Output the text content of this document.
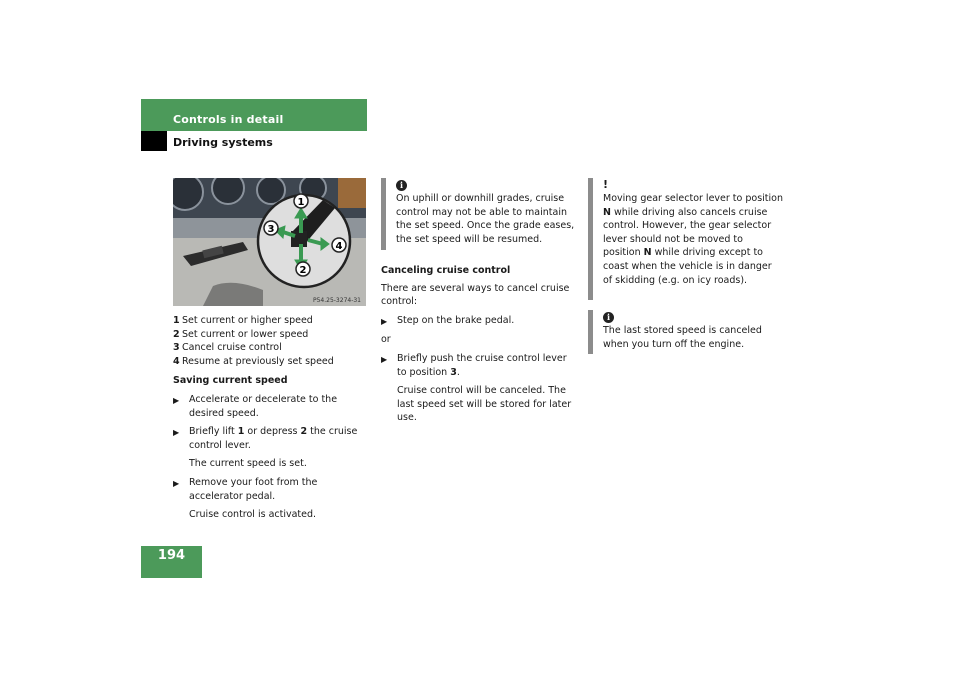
Controls in detail
Driving systems
194
1
3
4
2
P54.25-3274-31

1 Set current or higher speed

2 Set current or lower speed

3 Cancel cruise control

4 Resume at previously set speed

Saving current speed

▶	Accelerate or decelerate to the desired speed.

▶	Briefly lift 1 or depress 2 the cruise control lever.

The current speed is set.

▶	Remove your foot from the accelerator pedal.

Cruise control is activated.

i

On uphill or downhill grades, cruise control may not be able to maintain the set speed. Once the grade eases, the set speed will be resumed.

Canceling cruise control

There are several ways to cancel cruise control:

▶	Step on the brake pedal.

or

▶	Briefly push the cruise control lever to position 3.

Cruise control will be canceled. The last speed set will be stored for later use.

!

Moving gear selector lever to position N while driving also cancels cruise control. However, the gear selector lever should not be moved to position N while driving except to coast when the vehicle is in danger of skidding (e.g. on icy roads).

i

The last stored speed is canceled when you turn off the engine.
